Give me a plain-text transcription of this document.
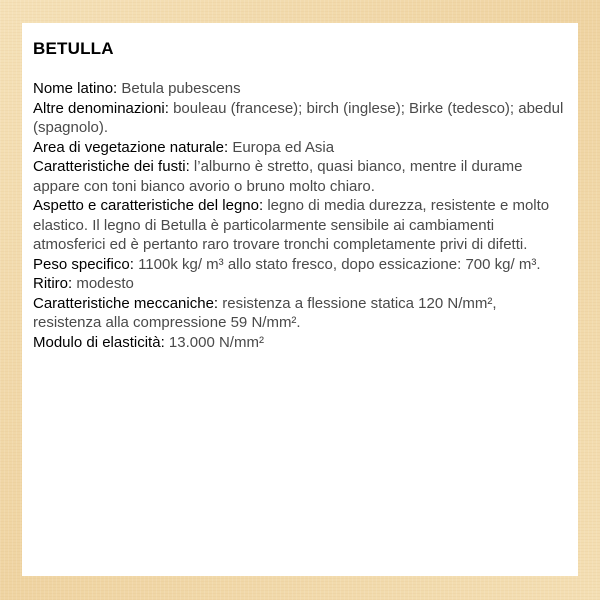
BETULLA

Nome latino: Betula pubescens

Altre denominazioni: bouleau (francese); birch (inglese); Birke (tedesco); abedul (spagnolo).

Area di vegetazione naturale: Europa ed Asia

Caratteristiche dei fusti: l’alburno è stretto, quasi bianco, mentre il durame appare con toni bianco avorio o bruno molto chiaro.

Aspetto e caratteristiche del legno: legno di media durezza, resistente e molto elastico. Il legno di Betulla è particolarmente sensibile ai cambiamenti atmosferici ed è pertanto raro trovare tronchi completamente privi di difetti.

Peso specifico: 1100k kg/ m³ allo stato fresco, dopo essicazione: 700 kg/ m³.

Ritiro: modesto

Caratteristiche meccaniche: resistenza a flessione statica 120 N/mm², resistenza alla compressione 59 N/mm².

Modulo di elasticità: 13.000 N/mm²
